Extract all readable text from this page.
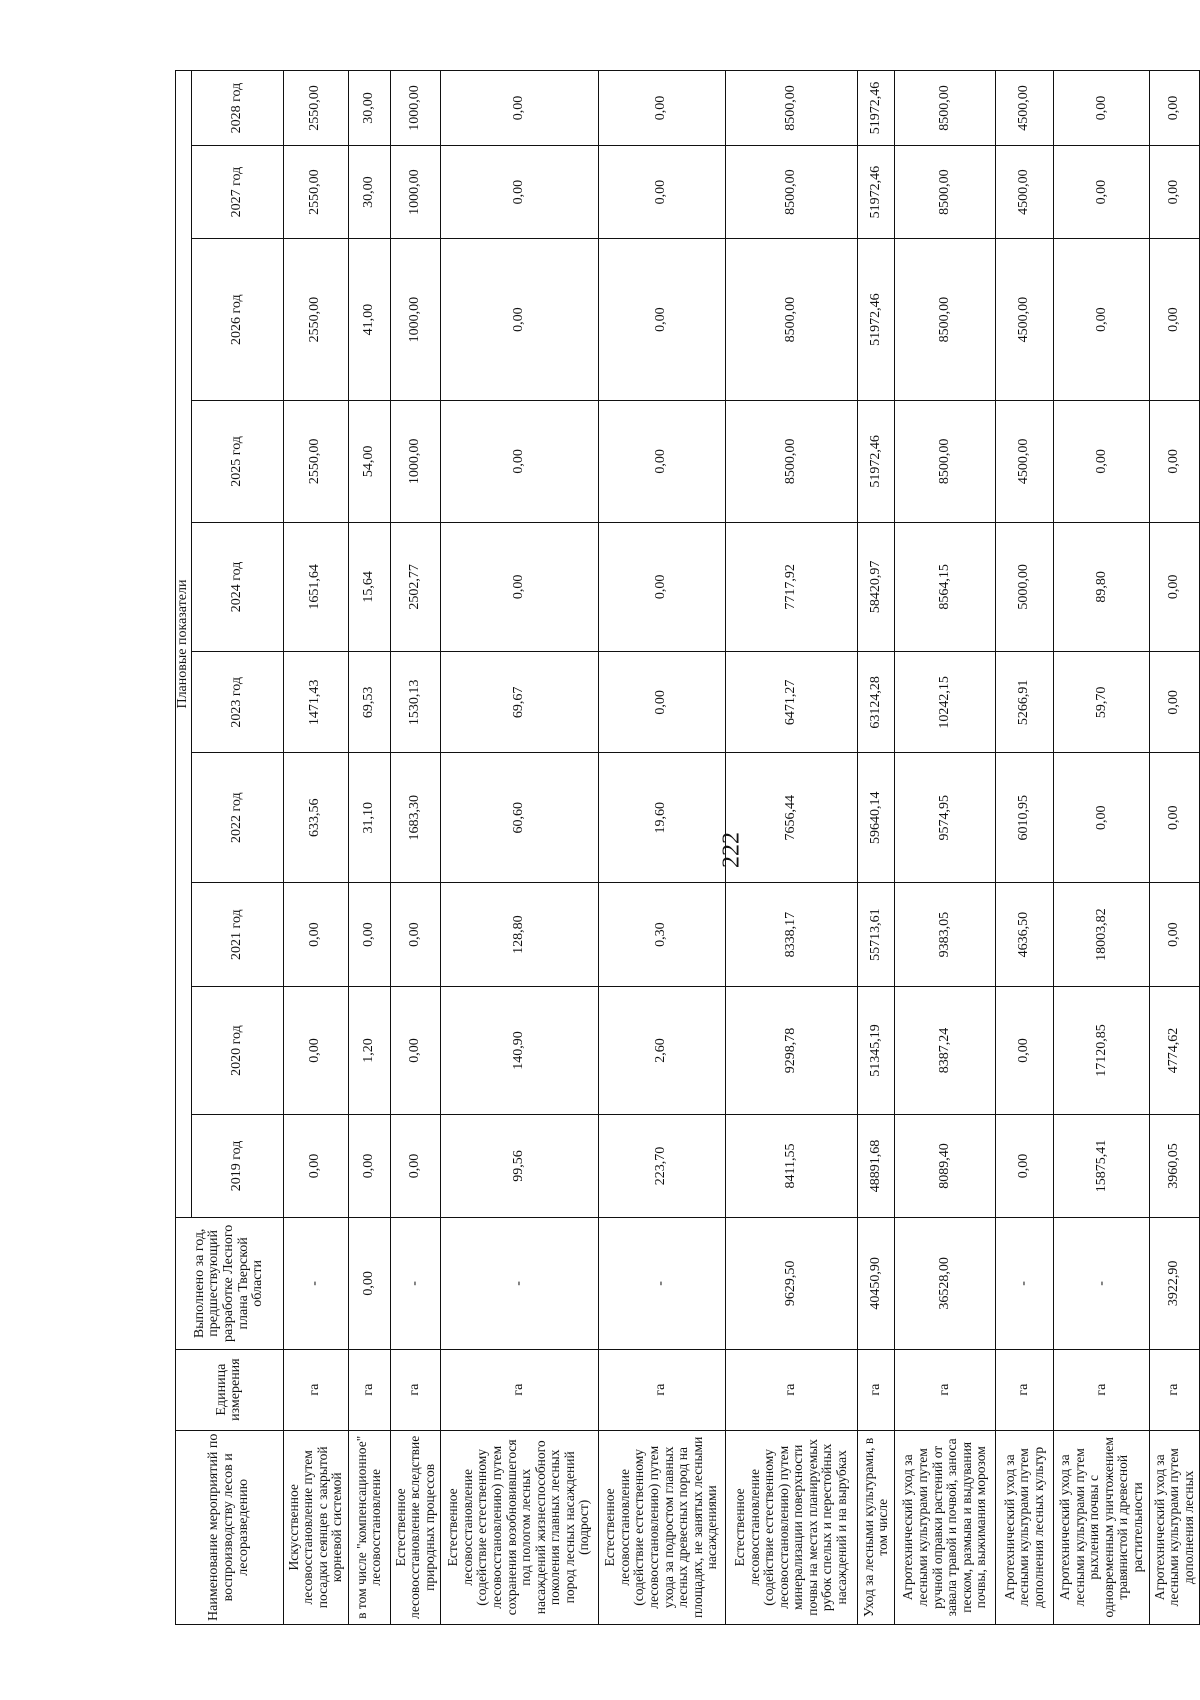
222
Наименование мероприятий по воспроизводству лесов и лесоразведению	Единица измерения	Выполнено за год, предшествующий разработке Лесного плана Тверской области	Плановые показатели									
			2019 год	2020 год	2021 год	2022 год	2023 год	2024 год	2025 год	2026 год	2027 год	2028 год
Искусственное лесовосстановление путем посадки сеянцев с закрытой корневой системой	га	-	0,00	0,00	0,00	633,56	1471,43	1651,64	2550,00	2550,00	2550,00	2550,00
в том числе "компенсационное" лесовосстановление	га	0,00	0,00	1,20	0,00	31,10	69,53	15,64	54,00	41,00	30,00	30,00
Естественное лесовосстановление вследствие природных процессов	га	-	0,00	0,00	0,00	1683,30	1530,13	2502,77	1000,00	1000,00	1000,00	1000,00
Естественное лесовосстановление (содействие естественному лесовосстановлению) путем сохранения возобновившегося под пологом лесных насаждений жизнеспособного поколения главных лесных пород лесных насаждений (подрост)	га	-	99,56	140,90	128,80	60,60	69,67	0,00	0,00	0,00	0,00	0,00
Естественное лесовосстановление (содействие естественному лесовосстановлению) путем ухода за подростом главных лесных древесных пород на площадях, не занятых лесными насаждениями	га	-	223,70	2,60	0,30	19,60	0,00	0,00	0,00	0,00	0,00	0,00
Естественное лесовосстановление (содействие естественному лесовосстановлению) путем минерализации поверхности почвы на местах планируемых рубок спелых и перестойных насаждений и на вырубках	га	9629,50	8411,55	9298,78	8338,17	7656,44	6471,27	7717,92	8500,00	8500,00	8500,00	8500,00
Уход за лесными культурами, в том числе	га	40450,90	48891,68	51345,19	55713,61	59640,14	63124,28	58420,97	51972,46	51972,46	51972,46	51972,46
Агротехнический уход за лесными культурами путем ручной оправки растений от завала травой и почвой, заноса песком, размыва и выдувания почвы, выжимания морозом	га	36528,00	8089,40	8387,24	9383,05	9574,95	10242,15	8564,15	8500,00	8500,00	8500,00	8500,00
Агротехнический уход за лесными культурами путем дополнения лесных культур	га	-	0,00	0,00	4636,50	6010,95	5266,91	5000,00	4500,00	4500,00	4500,00	4500,00
Агротехнический уход за лесными культурами путем рыхления почвы с одновременным уничтожением травянистой и древесной растительности	га	-	15875,41	17120,85	18003,82	0,00	59,70	89,80	0,00	0,00	0,00	0,00
Агротехнический уход за лесными культурами путем дополнения лесных	га	3922,90	3960,05	4774,62	0,00	0,00	0,00	0,00	0,00	0,00	0,00	0,00
